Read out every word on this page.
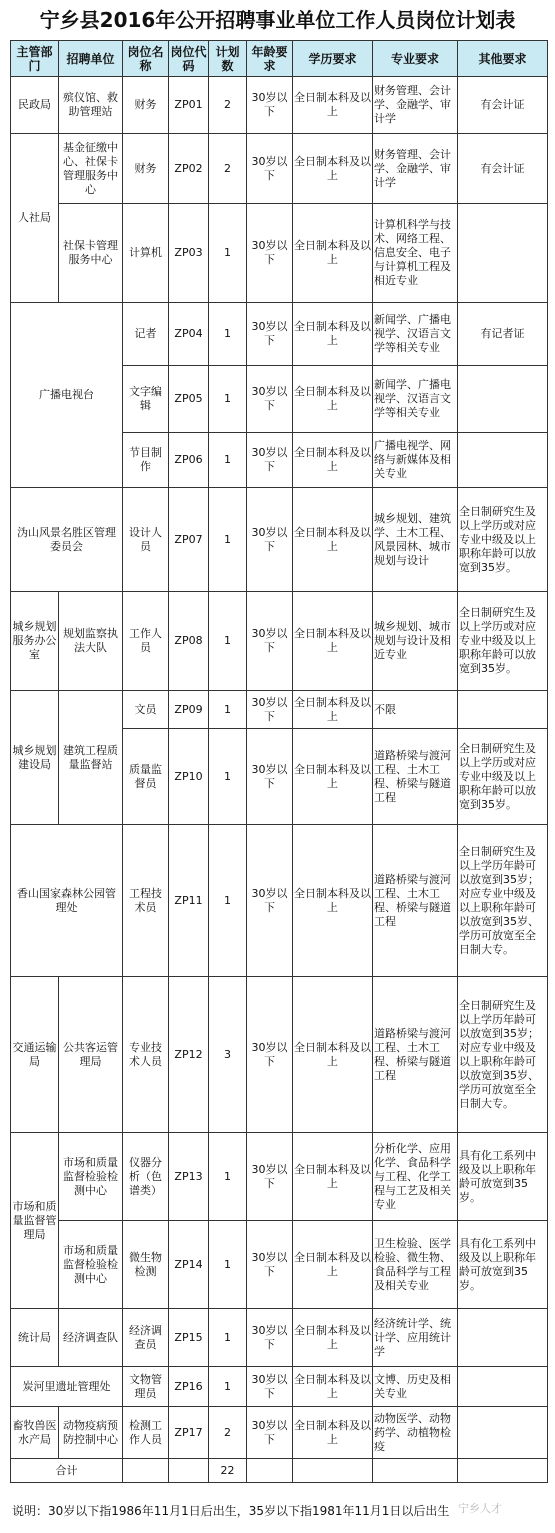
宁乡县2016年公开招聘事业单位工作人员岗位计划表
主管部门	招聘单位	岗位名称	岗位代码	计划数	年龄要求	学历要求	专业要求	其他要求
民政局	殡仪馆、救助管理站	财务	ZP01	2	30岁以下	全日制本科及以上	财务管理、会计学、金融学、审计学	有会计证
人社局	基金征缴中心、社保卡管理服务中心	财务	ZP02	2	30岁以下	全日制本科及以上	财务管理、会计学、金融学、审计学	有会计证
	社保卡管理服务中心	计算机	ZP03	1	30岁以下	全日制本科及以上	计算机科学与技术、网络工程、信息安全、电子与计算机工程及相近专业	
广播电视台		记者	ZP04	1	30岁以下	全日制本科及以上	新闻学、广播电视学、汉语言文学等相关专业	有记者证
		文字编辑	ZP05	1	30岁以下	全日制本科及以上	新闻学、广播电视学、汉语言文学等相关专业	
		节目制作	ZP06	1	30岁以下	全日制本科及以上	广播电视学、网络与新媒体及相关专业	
沩山风景名胜区管理委员会		设计人员	ZP07	1	30岁以下	全日制本科及以上	城乡规划、建筑学、土木工程、风景园林、城市规划与设计	全日制研究生及以上学历或对应专业中级及以上职称年龄可以放宽到35岁。
城乡规划服务办公室	规划监察执法大队	工作人员	ZP08	1	30岁以下	全日制本科及以上	城乡规划、城市规划与设计及相近专业	全日制研究生及以上学历或对应专业中级及以上职称年龄可以放宽到35岁。
城乡规划建设局	建筑工程质量监督站	文员	ZP09	1	30岁以下	全日制本科及以上	不限	
		质量监督员	ZP10	1	30岁以下	全日制本科及以上	道路桥梁与渡河工程、土木工程、桥梁与隧道工程	全日制研究生及以上学历或对应专业中级及以上职称年龄可以放宽到35岁。
香山国家森林公园管理处		工程技术员	ZP11	1	30岁以下	全日制本科及以上	道路桥梁与渡河工程、土木工程、桥梁与隧道工程	全日制研究生及以上学历年龄可以放宽到35岁；对应专业中级及以上职称年龄可以放宽到35岁、学历可放宽至全日制大专。
交通运输局	公共客运管理局	专业技术人员	ZP12	3	30岁以下	全日制本科及以上	道路桥梁与渡河工程、土木工程、桥梁与隧道工程	全日制研究生及以上学历年龄可以放宽到35岁；对应专业中级及以上职称年龄可以放宽到35岁、学历可放宽至全日制大专。
市场和质量监督管理局	市场和质量监督检验检测中心	仪器分析（色谱类）	ZP13	1	30岁以下	全日制本科及以上	分析化学、应用化学、食品科学与工程、化学工程与工艺及相关专业	具有化工系列中级及以上职称年龄可放宽到35岁。
	市场和质量监督检验检测中心	微生物检测	ZP14	1	30岁以下	全日制本科及以上	卫生检验、医学检验、微生物、食品科学与工程及相关专业	具有化工系列中级及以上职称年龄可放宽到35岁。
统计局	经济调查队	经济调查员	ZP15	1	30岁以下	全日制本科及以上	经济统计学、统计学、应用统计学	
炭河里遗址管理处		文物管理员	ZP16	1	30岁以下	全日制本科及以上	文博、历史及相关专业	
畜牧兽医水产局	动物疫病预防控制中心	检测工作人员	ZP17	2	30岁以下	全日制本科及以上	动物医学、动物药学、动植物检疫	
合计				22				
宁乡人才
说明：30岁以下指1986年11月1日后出生，35岁以下指1981年11月1日以后出生
